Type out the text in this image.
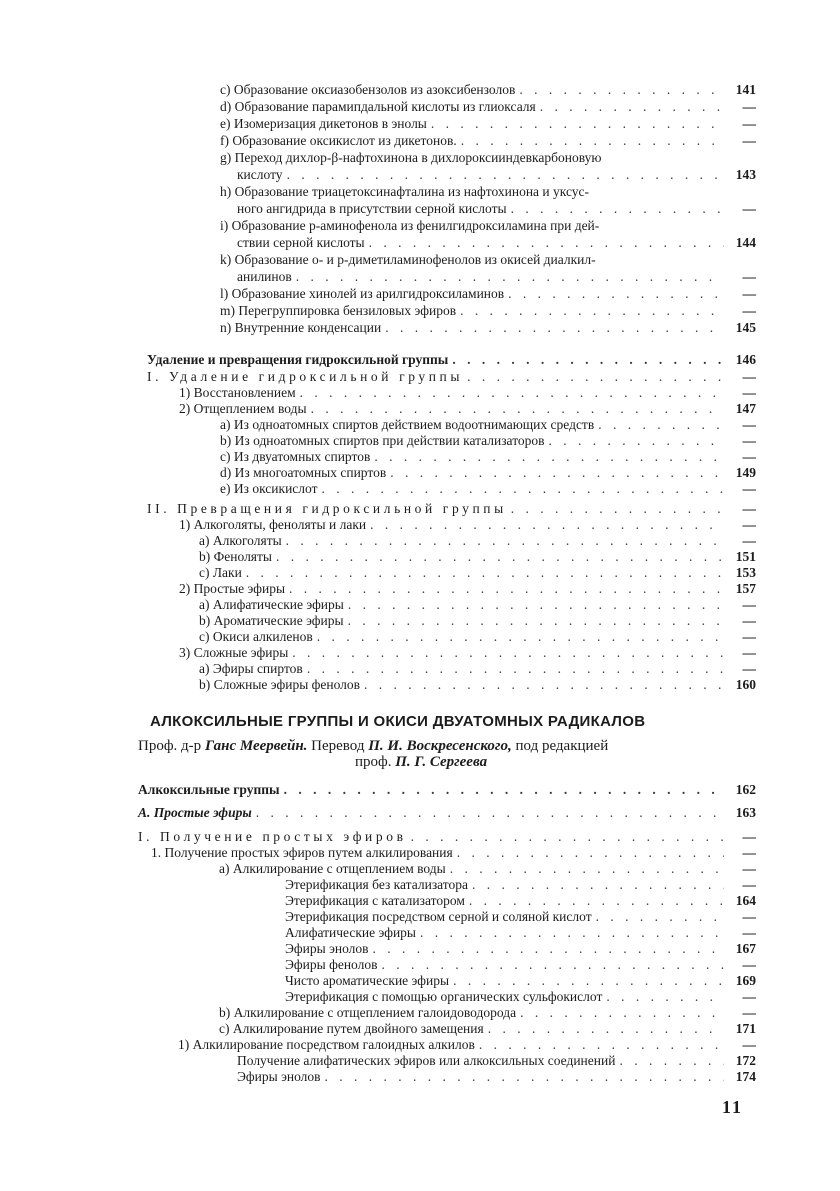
c) Образование оксиазобензолов из азоксибензолов . . .	141
d) Образование парамипдальной кислоты из глиоксаля . . .	—
e) Изомеризация дикетонов в энолы . . .	—
f) Образование оксикислот из дикетонов. . . .	—
g) Переход дихлор-β-нафтохинона в дихлороксииндевкарбоновую
кислоту . . .	143
h) Образование триацетоксинафталина из нафтохинона и уксус-
ного ангидрида в присутствии серной кислоты . . .	—
i) Образование p-аминофенола из фенилгидроксиламина при дей-
ствии серной кислоты . . .	144
k) Образование o- и p-диметиламинофенолов из окисей диалкил-
анилинов . . .	—
l) Образование хинолей из арилгидроксиламинов . . .	—
m) Перегруппировка бензиловых эфиров . . .	—
n) Внутренние конденсации . . .	145
Удаление и превращения гидроксильной группы . . .	146
I. Удаление гидроксильной группы . . .	—
1) Восстановлением . . .	—
2) Отщеплением воды . . .	147
a) Из одноатомных спиртов действием водоотнимающих средств . . .	—
b) Из одноатомных спиртов при действии катализаторов . . .	—
c) Из двуатомных спиртов . . .	—
d) Из многоатомных спиртов . . .	149
e) Из оксикислот . . .	—
II. Превращения гидроксильной группы . . .	—
1) Алкоголяты, феноляты и лаки . . .	—
a) Алкоголяты . . .	—
b) Феноляты . . .	151
c) Лаки . . .	153
2) Простые эфиры . . .	157
a) Алифатические эфиры . . .	—
b) Ароматические эфиры . . .	—
c) Окиси алкиленов . . .	—
3) Сложные эфиры . . .	—
a) Эфиры спиртов . . .	—
b) Сложные эфиры фенолов . . .	160
АЛКОКСИЛЬНЫЕ ГРУППЫ И ОКИСИ ДВУАТОМНЫХ РАДИКАЛОВ
Проф. д-р Ганс Меервейн. Перевод П. И. Воскресенского, под редакцией
проф. П. Г. Сергеева
Алкоксильные группы . . .	162
А. Простые эфиры . . .	163
I. Получение простых эфиров . . .	—
1. Получение простых эфиров путем алкилирования . . .	—
a) Алкилирование с отщеплением воды . . .	—
Этерификация без катализатора . . .	—
Этерификация с катализатором . . .	164
Этерификация посредством серной и соляной кислот . . .	—
Алифатические эфиры . . .	—
Эфиры энолов . . .	167
Эфиры фенолов . . .	—
Чисто ароматические эфиры . . .	169
Этерификация с помощью органических сульфокислот . . .	—
b) Алкилирование с отщеплением галоидоводорода . . .	—
c) Алкилирование путем двойного замещения . . .	171
1) Алкилирование посредством галоидных алкилов . . .	—
Получение алифатических эфиров или алкоксильных соединений . . .	172
Эфиры энолов . . .	174
11
